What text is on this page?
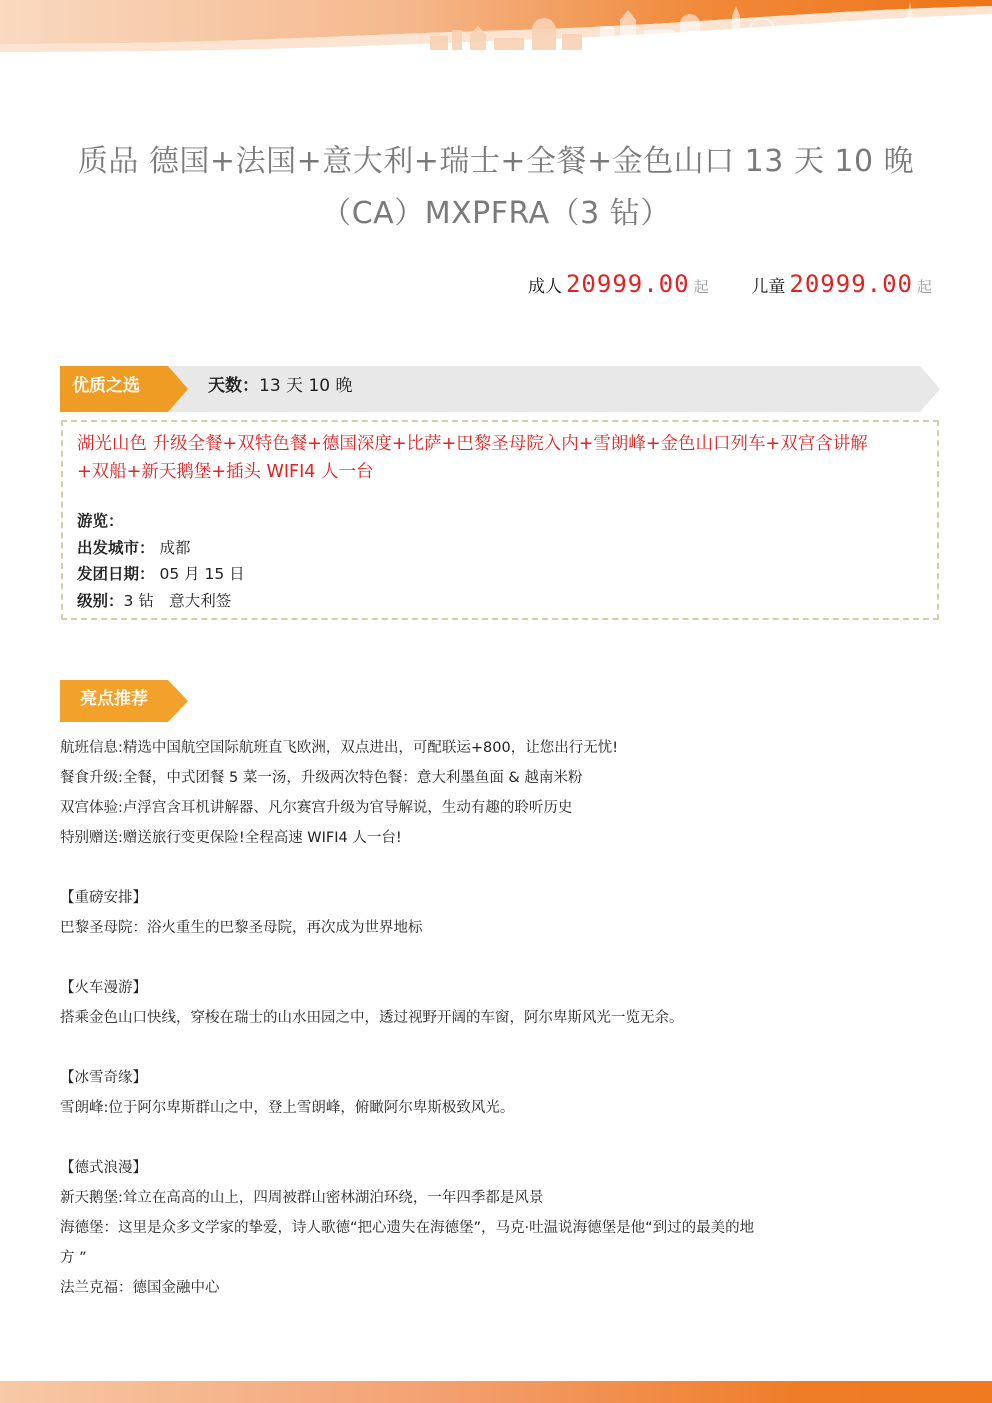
质品 德国+法国+意大利+瑞士+全餐+金色山口 13 天 10 晚
（CA）MXPFRA（3 钻）
成人 20999.00 起	儿童 20999.00 起
优质之选	天数：13 天 10 晚
湖光山色 升级全餐+双特色餐+德国深度+比萨+巴黎圣母院入内+雪朗峰+金色山口列车+双宫含讲解
+双船+新天鹅堡+插头 WIFI4 人一台
游览：
出发城市： 成都
发团日期： 05 月 15 日
级别：3 钻　意大利签
亮点推荐

航班信息:精选中国航空国际航班直飞欧洲，双点进出，可配联运+800，让您出行无忧!

餐食升级:全餐，中式团餐 5 菜一汤，升级两次特色餐：意大利墨鱼面 & 越南米粉

双宫体验:卢浮宫含耳机讲解器、凡尔赛宫升级为官导解说，生动有趣的聆听历史

特别赠送:赠送旅行变更保险!全程高速 WIFI4 人一台!

【重磅安排】

巴黎圣母院：浴火重生的巴黎圣母院，再次成为世界地标

【火车漫游】

搭乘金色山口快线，穿梭在瑞士的山水田园之中，透过视野开阔的车窗，阿尔卑斯风光一览无余。

【冰雪奇缘】

雪朗峰:位于阿尔卑斯群山之中，登上雪朗峰，俯瞰阿尔卑斯极致风光。

【德式浪漫】

新天鹅堡:耸立在高高的山上，四周被群山密林湖泊环绕，一年四季都是风景

海德堡：这里是众多文学家的挚爱，诗人歌德“把心遗失在海德堡”，马克·吐温说海德堡是他“到过的最美的地

方 ”

法兰克福：德国金融中心
